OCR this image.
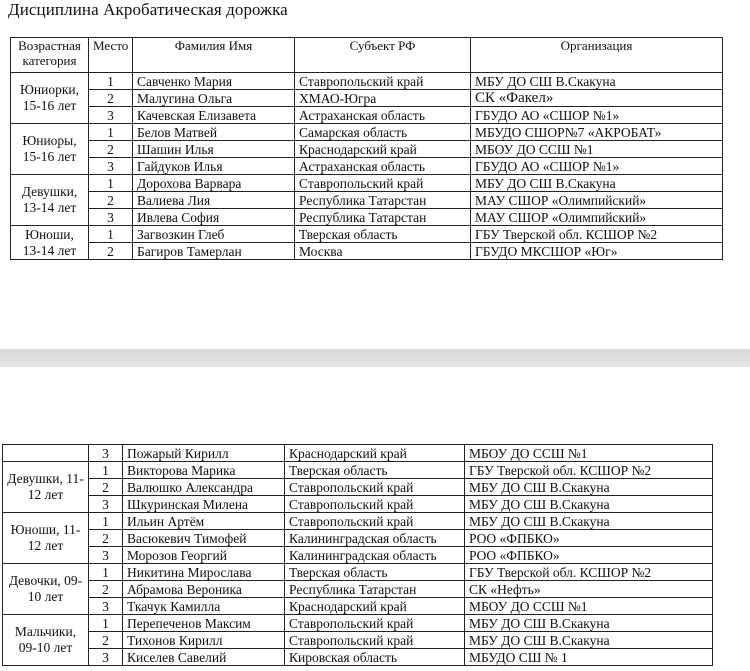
Дисциплина Акробатическая дорожка
Возрастная категория	Место	Фамилия Имя	Субъект РФ	Организация
Юниорки, 15-16 лет	1	Савченко Мария	Ставропольский край	МБУ ДО СШ В.Скакуна
	2	Малугина Ольга	ХМАО-Югра	СК «Факел»
	3	Качевская Елизавета	Астраханская область	ГБУДО АО «СШОР №1»
Юниоры, 15-16 лет	1	Белов Матвей	Самарская область	МБУДО СШОР№7 «АКРОБАТ»
	2	Шашин Илья	Краснодарский край	МБОУ ДО ССШ №1
	3	Гайдуков Илья	Астраханская область	ГБУДО АО «СШОР №1»
Девушки, 13-14 лет	1	Дорохова Варвара	Ставропольский край	МБУ ДО СШ В.Скакуна
	2	Валиева Лия	Республика Татарстан	МАУ СШОР «Олимпийский»
	3	Ивлева София	Республика Татарстан	МАУ СШОР «Олимпийский»
Юноши, 13-14 лет	1	Загвозкин Глеб	Тверская область	ГБУ Тверской обл. КСШОР №2
	2	Багиров Тамерлан	Москва	ГБУДО МКСШОР «Юг»
	3	Пожарый Кирилл	Краснодарский край	МБОУ ДО ССШ №1
Девушки, 11-12 лет	1	Викторова Марика	Тверская область	ГБУ Тверской обл. КСШОР №2
	2	Валюшко Александра	Ставропольский край	МБУ ДО СШ В.Скакуна
	3	Шкуринская Милена	Ставропольский край	МБУ ДО СШ В.Скакуна
Юноши, 11-12 лет	1	Ильин Артём	Ставропольский край	МБУ ДО СШ В.Скакуна
	2	Васюкевич Тимофей	Калининградская область	РОО «ФПБКО»
	3	Морозов Георгий	Калининградская область	РОО «ФПБКО»
Девочки, 09-10 лет	1	Никитина Мирослава	Тверская область	ГБУ Тверской обл. КСШОР №2
	2	Абрамова Вероника	Республика Татарстан	СК «Нефть»
	3	Ткачук Камилла	Краснодарский край	МБОУ ДО ССШ №1
Мальчики, 09-10 лет	1	Перепеченов Максим	Ставропольский край	МБУ ДО СШ В.Скакуна
	2	Тихонов Кирилл	Ставропольский край	МБУ ДО СШ В.Скакуна
	3	Киселев Савелий	Кировская область	МБУДО СШ № 1
